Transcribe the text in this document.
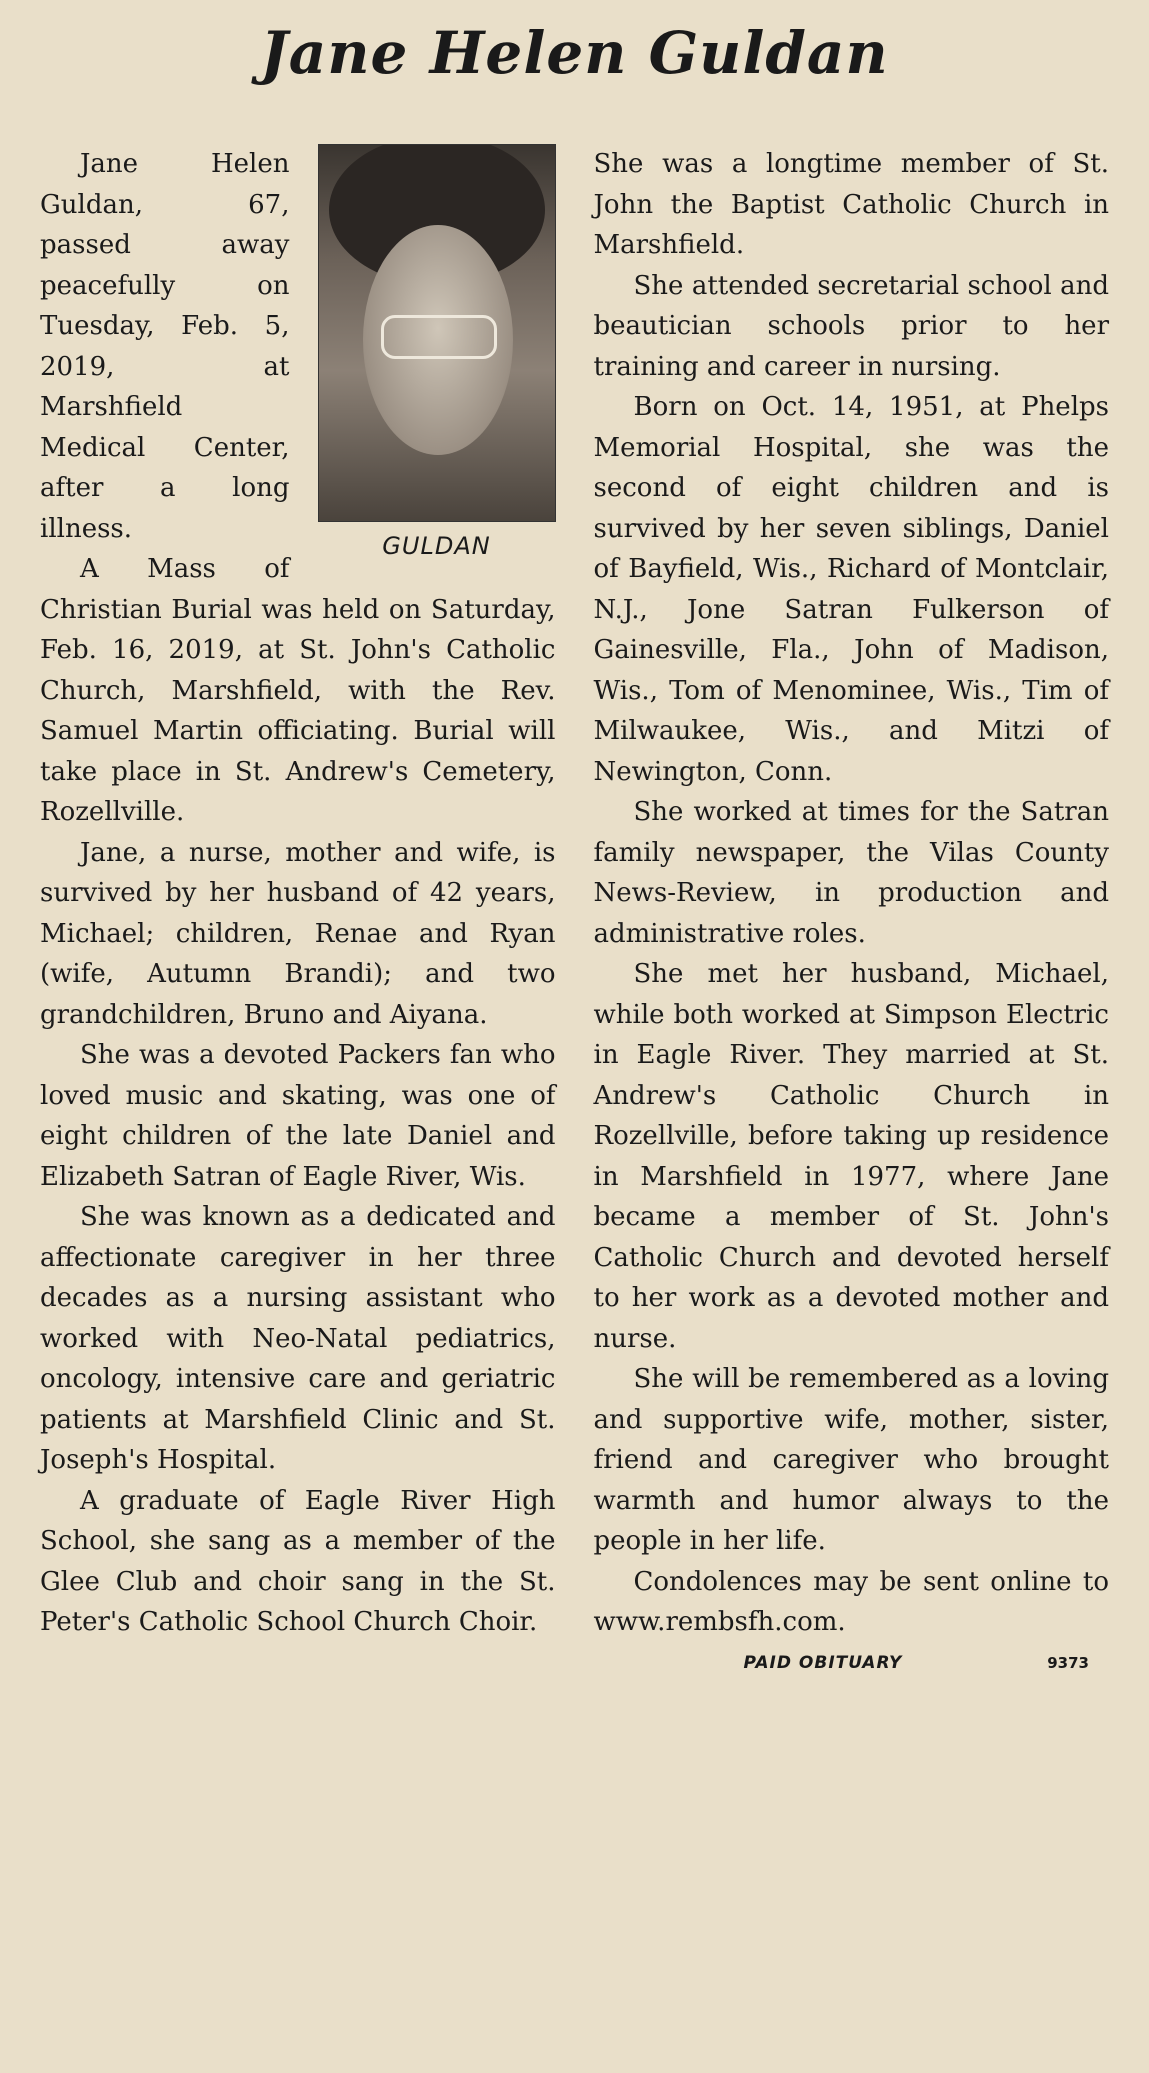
Jane Helen Guldan
GULDAN

Jane Helen Guldan, 67, passed away peacefully on Tuesday, Feb. 5, 2019, at Marshfield Medical Center, after a long illness.

A Mass of Christian Burial was held on Saturday, Feb. 16, 2019, at St. John's Catholic Church, Marshfield, with the Rev. Samuel Martin officiating. Burial will take place in St. Andrew's Cemetery, Rozellville.

Jane, a nurse, mother and wife, is survived by her husband of 42 years, Michael; children, Renae and Ryan (wife, Autumn Brandi); and two grandchildren, Bruno and Aiyana.

She was a devoted Packers fan who loved music and skating, was one of eight children of the late Daniel and Elizabeth Satran of Eagle River, Wis.

She was known as a dedicated and affectionate caregiver in her three decades as a nursing assistant who worked with Neo-Natal pediatrics, oncology, intensive care and geriatric patients at Marshfield Clinic and St. Joseph's Hospital.

A graduate of Eagle River High School, she sang as a member of the Glee Club and choir sang in the St. Peter's Catholic School Church Choir.

She was a longtime member of St. John the Baptist Catholic Church in Marshfield.

She attended secretarial school and beautician schools prior to her training and career in nursing.

Born on Oct. 14, 1951, at Phelps Memorial Hospital, she was the second of eight children and is survived by her seven siblings, Daniel of Bayfield, Wis., Richard of Montclair, N.J., Jone Satran Fulkerson of Gainesville, Fla., John of Madison, Wis., Tom of Menominee, Wis., Tim of Milwaukee, Wis., and Mitzi of Newington, Conn.

She worked at times for the Satran family newspaper, the Vilas County News-Review, in production and administrative roles.

She met her husband, Michael, while both worked at Simpson Electric in Eagle River. They married at St. Andrew's Catholic Church in Rozellville, before taking up residence in Marshfield in 1977, where Jane became a member of St. John's Catholic Church and devoted herself to her work as a devoted mother and nurse.

She will be remembered as a loving and supportive wife, mother, sister, friend and caregiver who brought warmth and humor always to the people in her life.

Condolences may be sent online to www.rembsfh.com.

PAID OBITUARY	9373
